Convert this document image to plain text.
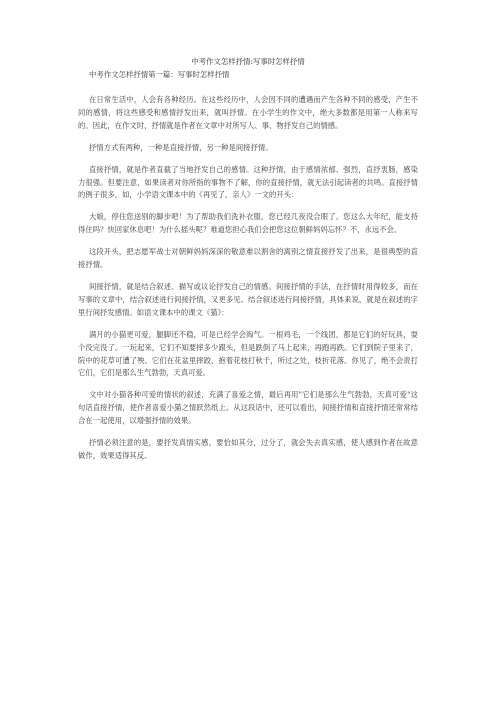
中考作文怎样抒情:写事时怎样抒情
中考作文怎样抒情第一篇：写事时怎样抒情

在日常生活中，人会有各种经历。在这些经历中，人会因不同的遭遇而产生各种不同的感受，产生不同的感情，将这些感受和感情抒发出来，就叫抒情。在小学生的作文中，绝大多数都是用第一人称来写的。因此，在作文时，抒情就是作者在文章中对所写人、事、物抒发自己的情感。

抒情方式有两种，一种是直接抒情，另一种是间接抒情。

直接抒情，就是作者直截了当地抒发自己的感情。这种抒情，由于感情浓郁、强烈，直抒衷肠，感染力很强。但要注意，如果读者对你所指的事物不了解，你的直接抒情，就无法引起读者的共鸣。直接抒情的例子很多，如，小学语文课本中的《再见了，亲人》一文的开头：

大娘，停住您送别的脚步吧！为了帮助我们洗补衣服，您已经几夜没合眼了。您这么大年纪，能支持得住吗？快回家休息吧！为什么摇头呢？难道您担心我们会把您这位朝鲜妈妈忘怀？不，永远不会。

这段开头，把志愿军战士对朝鲜妈妈深深的敬意难以割舍的离别之情直接抒发了出来，是很典型的直接抒情。

间接抒情，就是结合叙述、描写或议论抒发自己的情感。间接抒情的手法，在抒情时用得较多，而在写事的文章中，结合叙述进行间接抒情，又更多见。结合叙述进行间接抒情，具体来说，就是在叙述的字里行间抒发感情。如语文课本中的课文《猫》：

满月的小猫更可爱，腿脚还不稳，可是已经学会淘气。一根鸡毛，一个线团，都是它们的好玩具，耍个没完没了。一玩起来，它们不知要摔多少跟头，但是跌倒了马上起来，再跑再跌。它们到院子里来了，院中的花草可遭了殃。它们在花盆里摔跤，抱着花枝打秋千，所过之处，枝折花落。你见了，绝不会责打它们，它们是那么生气勃勃，天真可爱。

文中对小猫各种可爱的情状的叙述，充满了喜爱之情，最后再用"它们是那么生气勃勃，天真可爱"这句话直接抒情，使作者喜爱小猫之情跃然纸上。从这段话中，还可以看出，间接抒情和直接抒情还常常结合在一起使用，以增强抒情的效果。

抒情必须注意的是，要抒发真情实感，要恰如其分，过分了，就会失去真实感，使人感到作者在故意做作，效果适得其反。
